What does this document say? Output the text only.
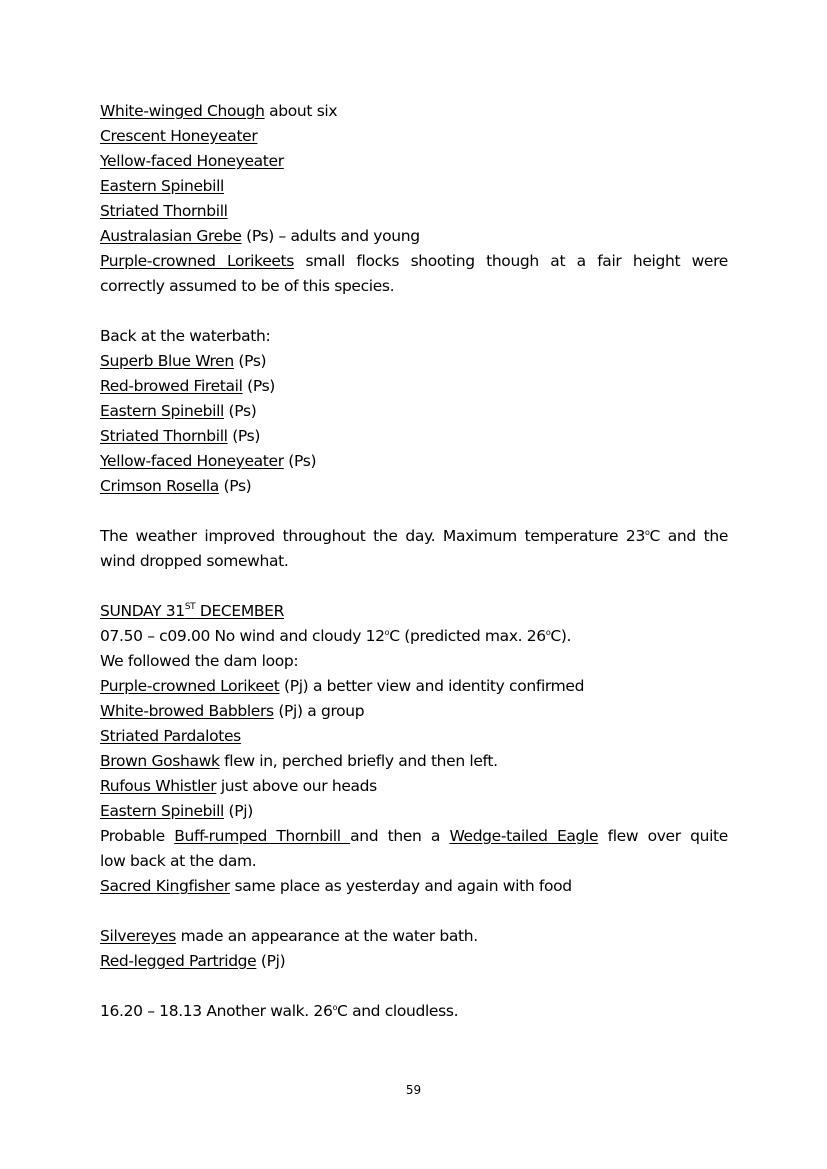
White-winged Chough about six
Crescent Honeyeater
Yellow-faced Honeyeater
Eastern Spinebill
Striated Thornbill
Australasian Grebe (Ps) – adults and young
Purple-crowned Lorikeets small flocks shooting though at a fair height were
correctly assumed to be of this species.
Back at the waterbath:
Superb Blue Wren (Ps)
Red-browed Firetail (Ps)
Eastern Spinebill (Ps)
Striated Thornbill (Ps)
Yellow-faced Honeyeater (Ps)
Crimson Rosella (Ps)
The weather improved throughout the day. Maximum temperature 23$^o$C and the
wind dropped somewhat.
SUNDAY 31ST DECEMBER
07.50 – c09.00 No wind and cloudy 12$^o$C (predicted max. 26$^o$C).
We followed the dam loop:
Purple-crowned Lorikeet (Pj) a better view and identity confirmed
White-browed Babblers (Pj) a group
Striated Pardalotes
Brown Goshawk flew in, perched briefly and then left.
Rufous Whistler just above our heads
Eastern Spinebill (Pj)
Probable Buff-rumped Thornbill and then a Wedge-tailed Eagle flew over quite
low back at the dam.
Sacred Kingfisher same place as yesterday and again with food
Silvereyes made an appearance at the water bath.
Red-legged Partridge (Pj)
16.20 – 18.13 Another walk. 26$^o$C and cloudless.
59
